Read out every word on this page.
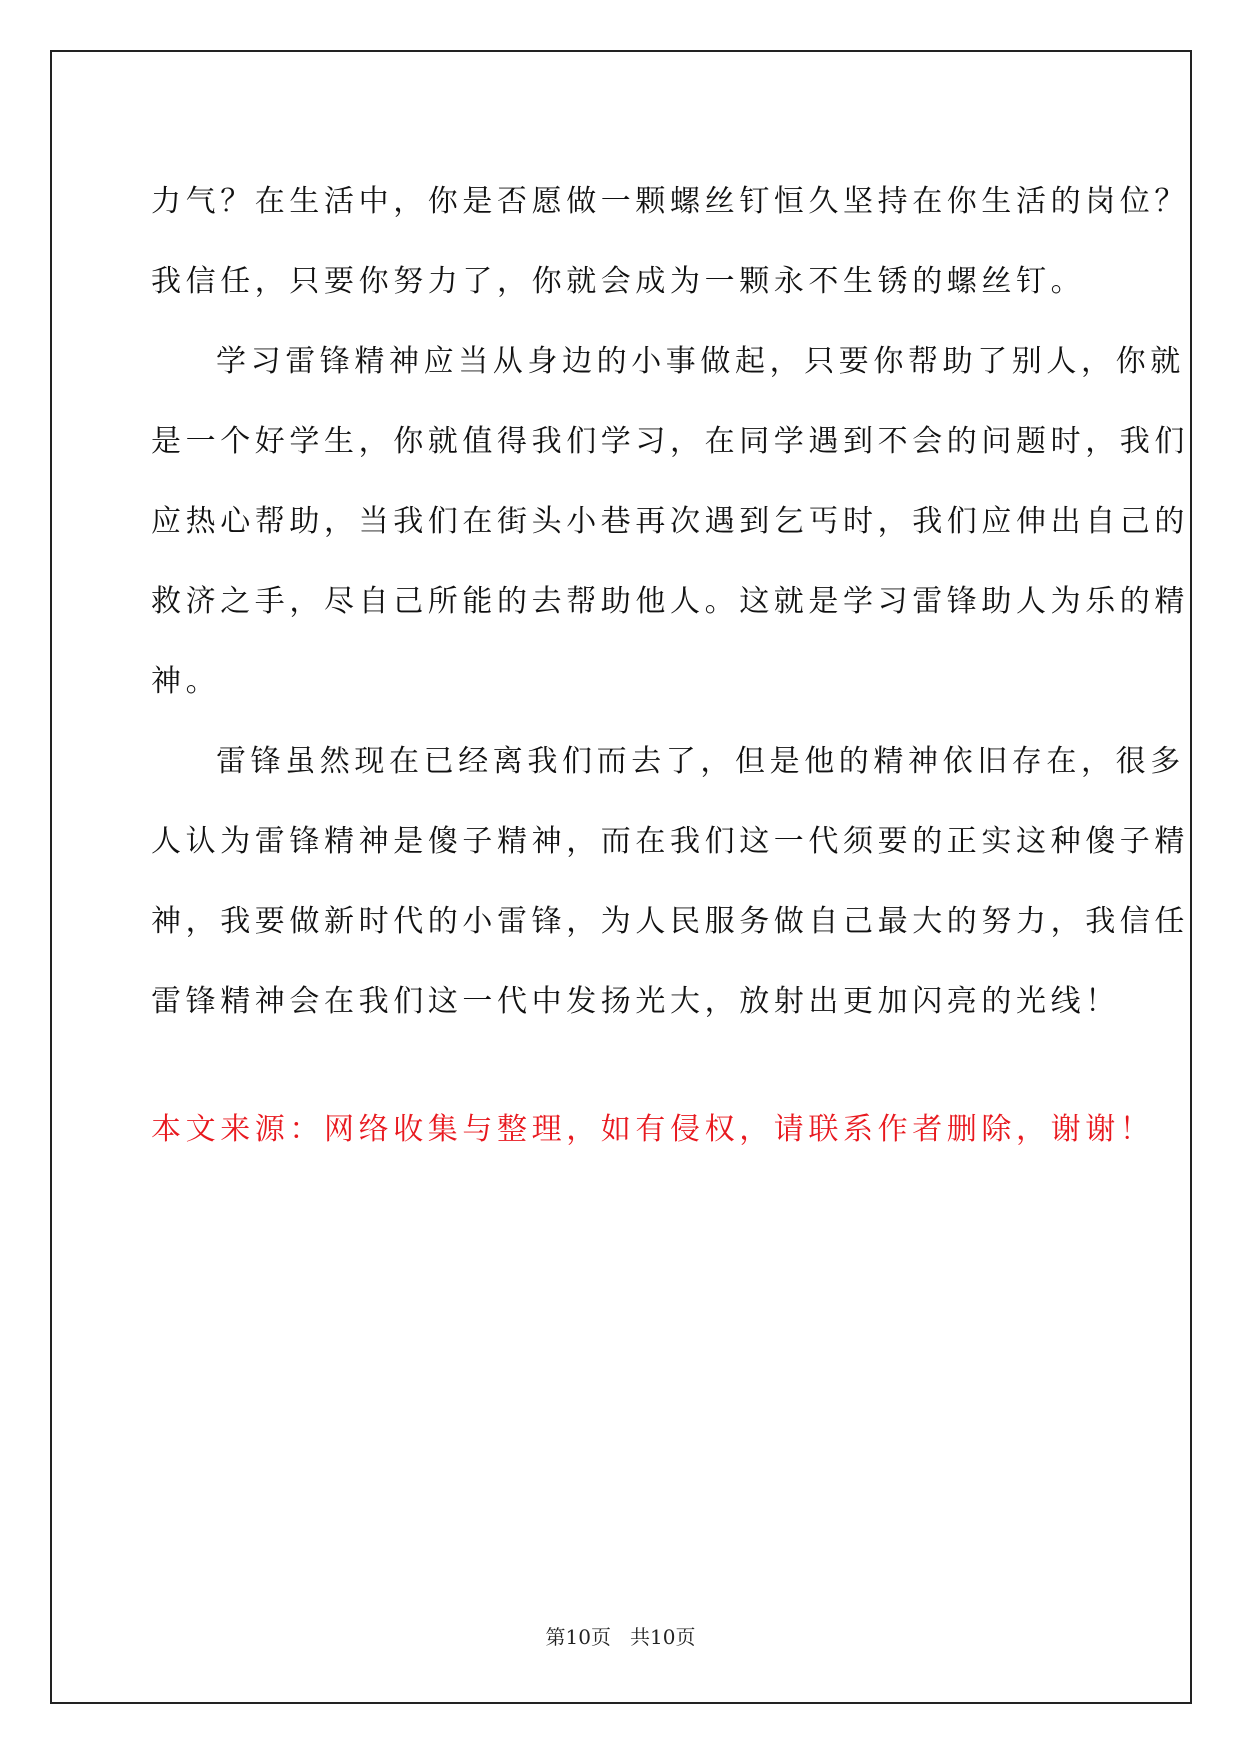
力气？在生活中，你是否愿做一颗螺丝钉恒久坚持在你生活的岗位？
我信任，只要你努力了，你就会成为一颗永不生锈的螺丝钉。
学习雷锋精神应当从身边的小事做起，只要你帮助了别人，你就
是一个好学生，你就值得我们学习，在同学遇到不会的问题时，我们
应热心帮助，当我们在街头小巷再次遇到乞丐时，我们应伸出自己的
救济之手，尽自己所能的去帮助他人。这就是学习雷锋助人为乐的精
神。
雷锋虽然现在已经离我们而去了，但是他的精神依旧存在，很多
人认为雷锋精神是傻子精神，而在我们这一代须要的正实这种傻子精
神，我要做新时代的小雷锋，为人民服务做自己最大的努力，我信任
雷锋精神会在我们这一代中发扬光大，放射出更加闪亮的光线！
本文来源：网络收集与整理，如有侵权，请联系作者删除，谢谢！
第10页   共10页
